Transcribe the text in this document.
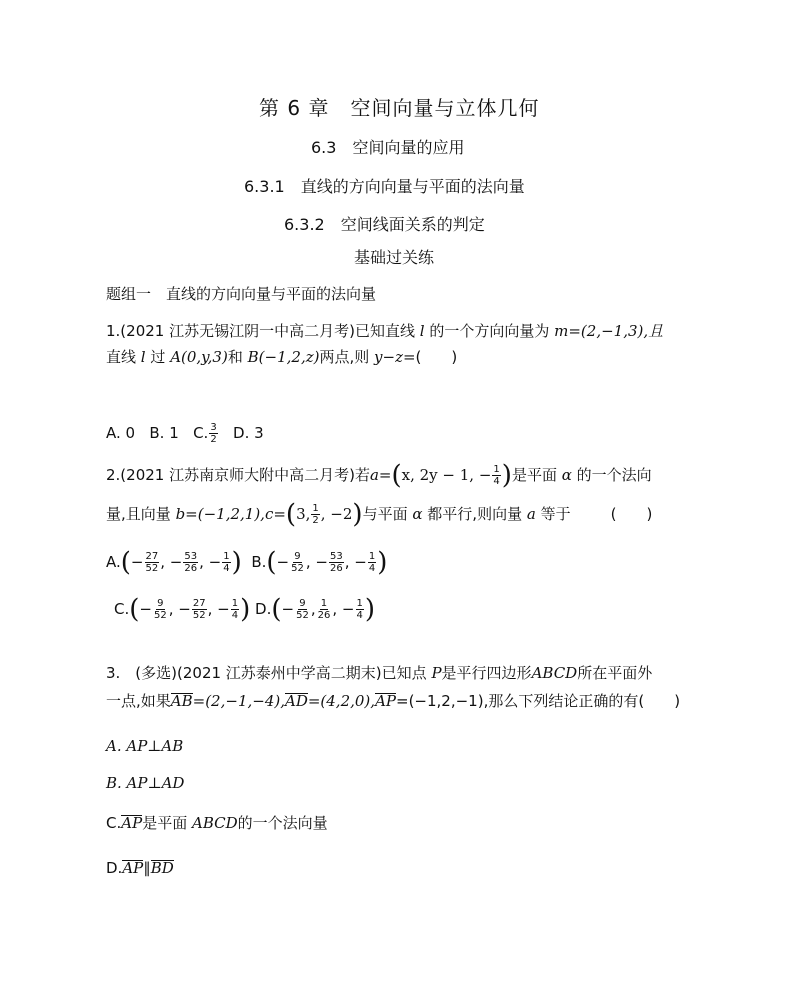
第 6 章　空间向量与立体几何
6.3　空间向量的应用
6.3.1　直线的方向向量与平面的法向量
6.3.2　空间线面关系的判定
基础过关练
题组一　直线的方向向量与平面的法向量
1.(2021 江苏无锡江阴一中高二月考)已知直线 l 的一个方向向量为 m=(2,−1,3),且
直线 l 过 A(0,y,3)和 B(−1,2,z)两点,则 y−z=(　　)
A. 0 B. 1 C. $\frac{3}{2} D$. 3
2.(2021 江苏南京师大附中高二月考)若a=(x, 2y − 1, − $\frac{1}{4}$ )是平面 α 的一个法向
量,且向量 b=(−1,2,1),c=(3, $\frac{1}{2}$ , −2)与平面 α 都平行,则向量 a 等于	(　　)
$A.(- \frac{27}{52}$ , − $\frac{53}{26}$ , − $\frac{1}{4}$ ) $B.(- \frac{9}{52}$ , − $\frac{53}{26}$ , − $\frac{1}{4}$ )
$C.(- \frac{9}{52}$ , − $\frac{27}{52}$ , − $\frac{1}{4}$ ) $D.(- \frac{9}{52}$ , $\frac{1}{26}$ , − $\frac{1}{4}$ )
3.　(多选)(2021 江苏泰州中学高二期末)已知点 P是平行四边形ABCD所在平面外
一点,如果AB=(2,−1,−4),AD=(4,2,0),AP=(−1,2,−1),那么下列结论正确的有(　　)
A. AP⊥AB
B. AP⊥AD
C.AP是平面 ABCD的一个法向量
D.AP∥BD
